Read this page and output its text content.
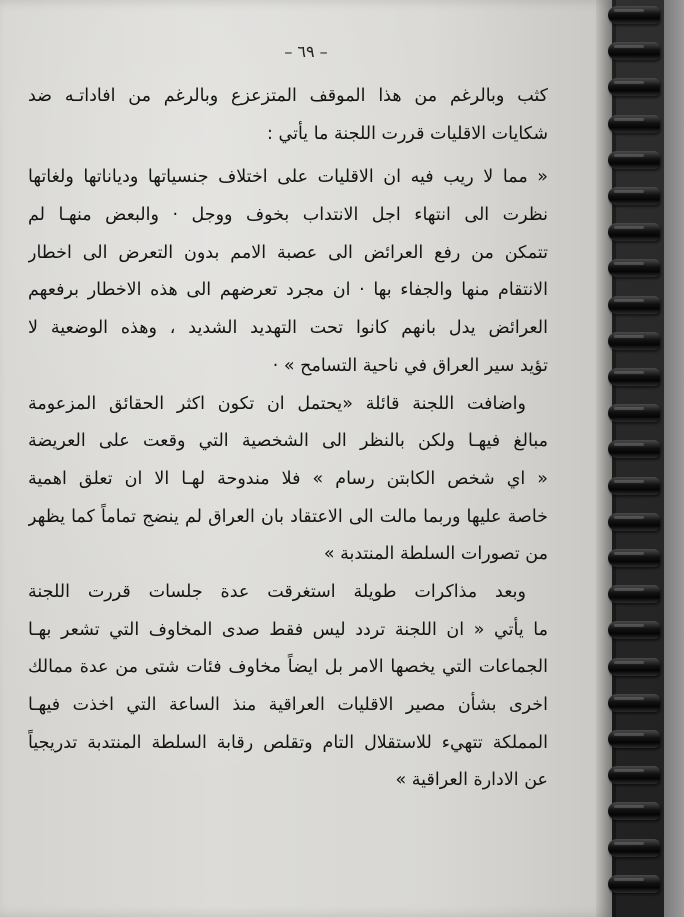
– ٦٩ –
كثب وبالرغم من هذا الموقف المتزعزع وبالرغم من افاداتـه ضد
شكايات الاقليات قررت اللجنة ما يأتي :
« مما لا ريب فيه ان الاقليات على اختلاف جنسياتها ودياناتها ولغاتها
نظرت الى انتهاء اجل الانتداب بخوف ووجل · والبعض منهـا لم
تتمكن من رفع العرائض الى عصبة الامم بدون التعرض الى اخطار
الانتقام منها والجفاء بها · ان مجرد تعرضهم الى هذه الاخطار برفعهم
العرائض يدل بانهم كانوا تحت التهديد الشديد ، وهذه الوضعية لا
تؤيد سير العراق في ناحية التسامح » ·
واضافت اللجنة قائلة «يحتمل ان تكون اكثر الحقائق المزعومة
مبالغ فيهـا ولكن بالنظر الى الشخصية التي وقعت على العريضة
« اي شخص الكابتن رسام » فلا مندوحة لهـا الا ان تعلق اهمية
خاصة عليها وربما مالت الى الاعتقاد بان العراق لم ينضج تماماً كما يظهر
من تصورات السلطة المنتدبة »
وبعد مذاكرات طويلة استغرقت عدة جلسات قررت اللجنة
ما يأتي « ان اللجنة تردد ليس فقط صدى المخاوف التي تشعر بهـا
الجماعات التي يخصها الامر بل ايضاً مخاوف فئات شتى من عدة ممالك
اخرى بشأن مصير الاقليات العراقية منذ الساعة التي اخذت فيهـا
المملكة تتهيء للاستقلال التام وتقلص رقابة السلطة المنتدبة تدريجياً
عن الادارة العراقية »
